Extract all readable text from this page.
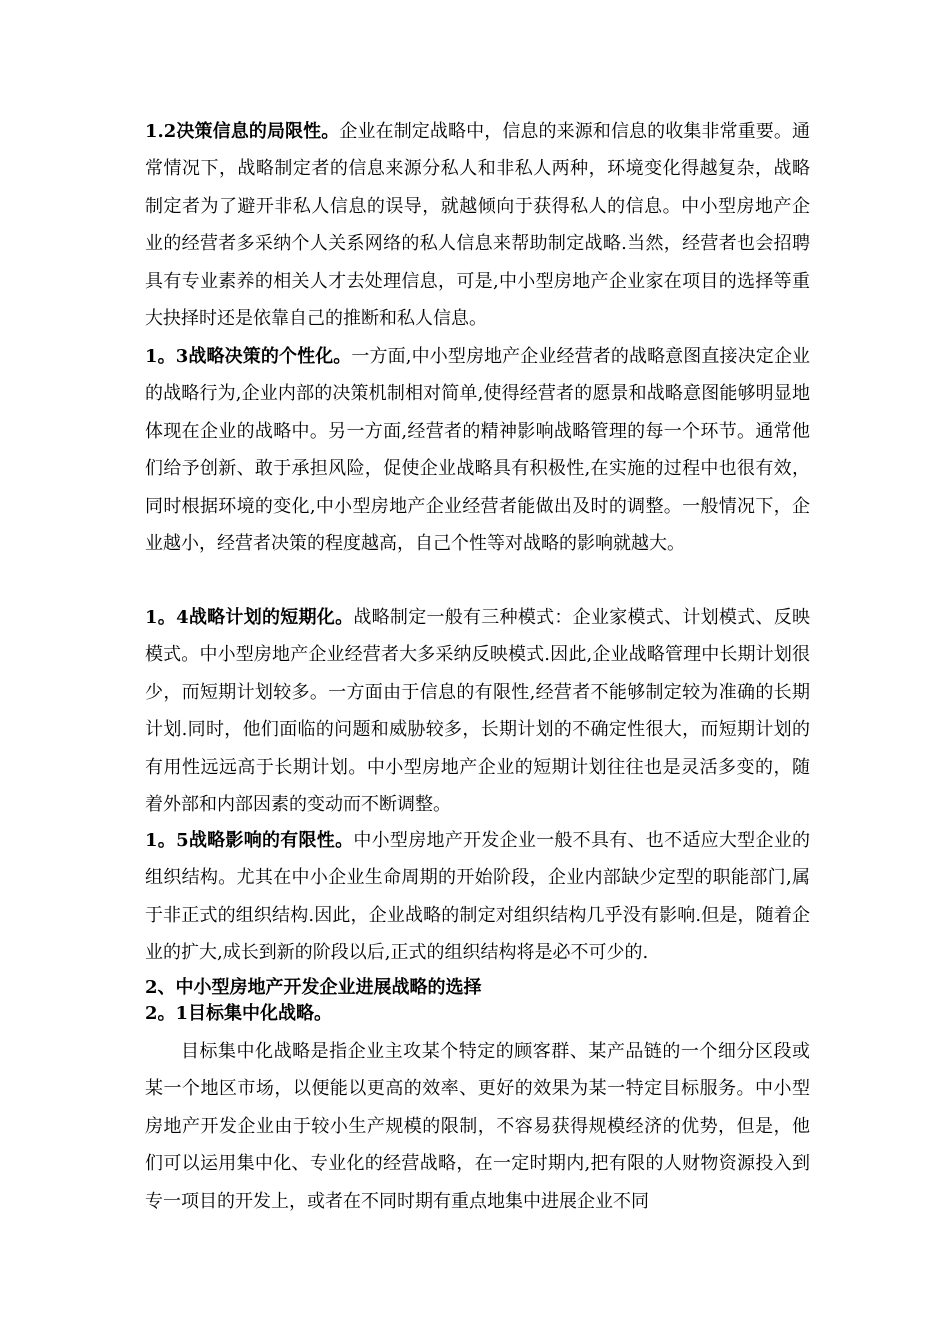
1.2决策信息的局限性。企业在制定战略中，信息的来源和信息的收集非常重要。通常情况下，战略制定者的信息来源分私人和非私人两种，环境变化得越复杂，战略制定者为了避开非私人信息的误导，就越倾向于获得私人的信息。中小型房地产企业的经营者多采纳个人关系网络的私人信息来帮助制定战略.当然，经营者也会招聘具有专业素养的相关人才去处理信息，可是,中小型房地产企业家在项目的选择等重大抉择时还是依靠自己的推断和私人信息。

1。3战略决策的个性化。一方面,中小型房地产企业经营者的战略意图直接决定企业的战略行为,企业内部的决策机制相对简单,使得经营者的愿景和战略意图能够明显地体现在企业的战略中。另一方面,经营者的精神影响战略管理的每一个环节。通常他们给予创新、敢于承担风险，促使企业战略具有积极性,在实施的过程中也很有效，同时根据环境的变化,中小型房地产企业经营者能做出及时的调整。一般情况下，企业越小，经营者决策的程度越高，自己个性等对战略的影响就越大。

1。4战略计划的短期化。战略制定一般有三种模式：企业家模式、计划模式、反映模式。中小型房地产企业经营者大多采纳反映模式.因此,企业战略管理中长期计划很少，而短期计划较多。一方面由于信息的有限性,经营者不能够制定较为准确的长期计划.同时，他们面临的问题和威胁较多，长期计划的不确定性很大，而短期计划的有用性远远高于长期计划。中小型房地产企业的短期计划往往也是灵活多变的，随着外部和内部因素的变动而不断调整。

1。5战略影响的有限性。中小型房地产开发企业一般不具有、也不适应大型企业的组织结构。尤其在中小企业生命周期的开始阶段，企业内部缺少定型的职能部门,属于非正式的组织结构.因此，企业战略的制定对组织结构几乎没有影响.但是，随着企业的扩大,成长到新的阶段以后,正式的组织结构将是必不可少的.

2、中小型房地产开发企业进展战略的选择
2。1目标集中化战略。

目标集中化战略是指企业主攻某个特定的顾客群、某产品链的一个细分区段或某一个地区市场，以便能以更高的效率、更好的效果为某一特定目标服务。中小型房地产开发企业由于较小生产规模的限制，不容易获得规模经济的优势，但是，他们可以运用集中化、专业化的经营战略，在一定时期内,把有限的人财物资源投入到专一项目的开发上，或者在不同时期有重点地集中进展企业不同
